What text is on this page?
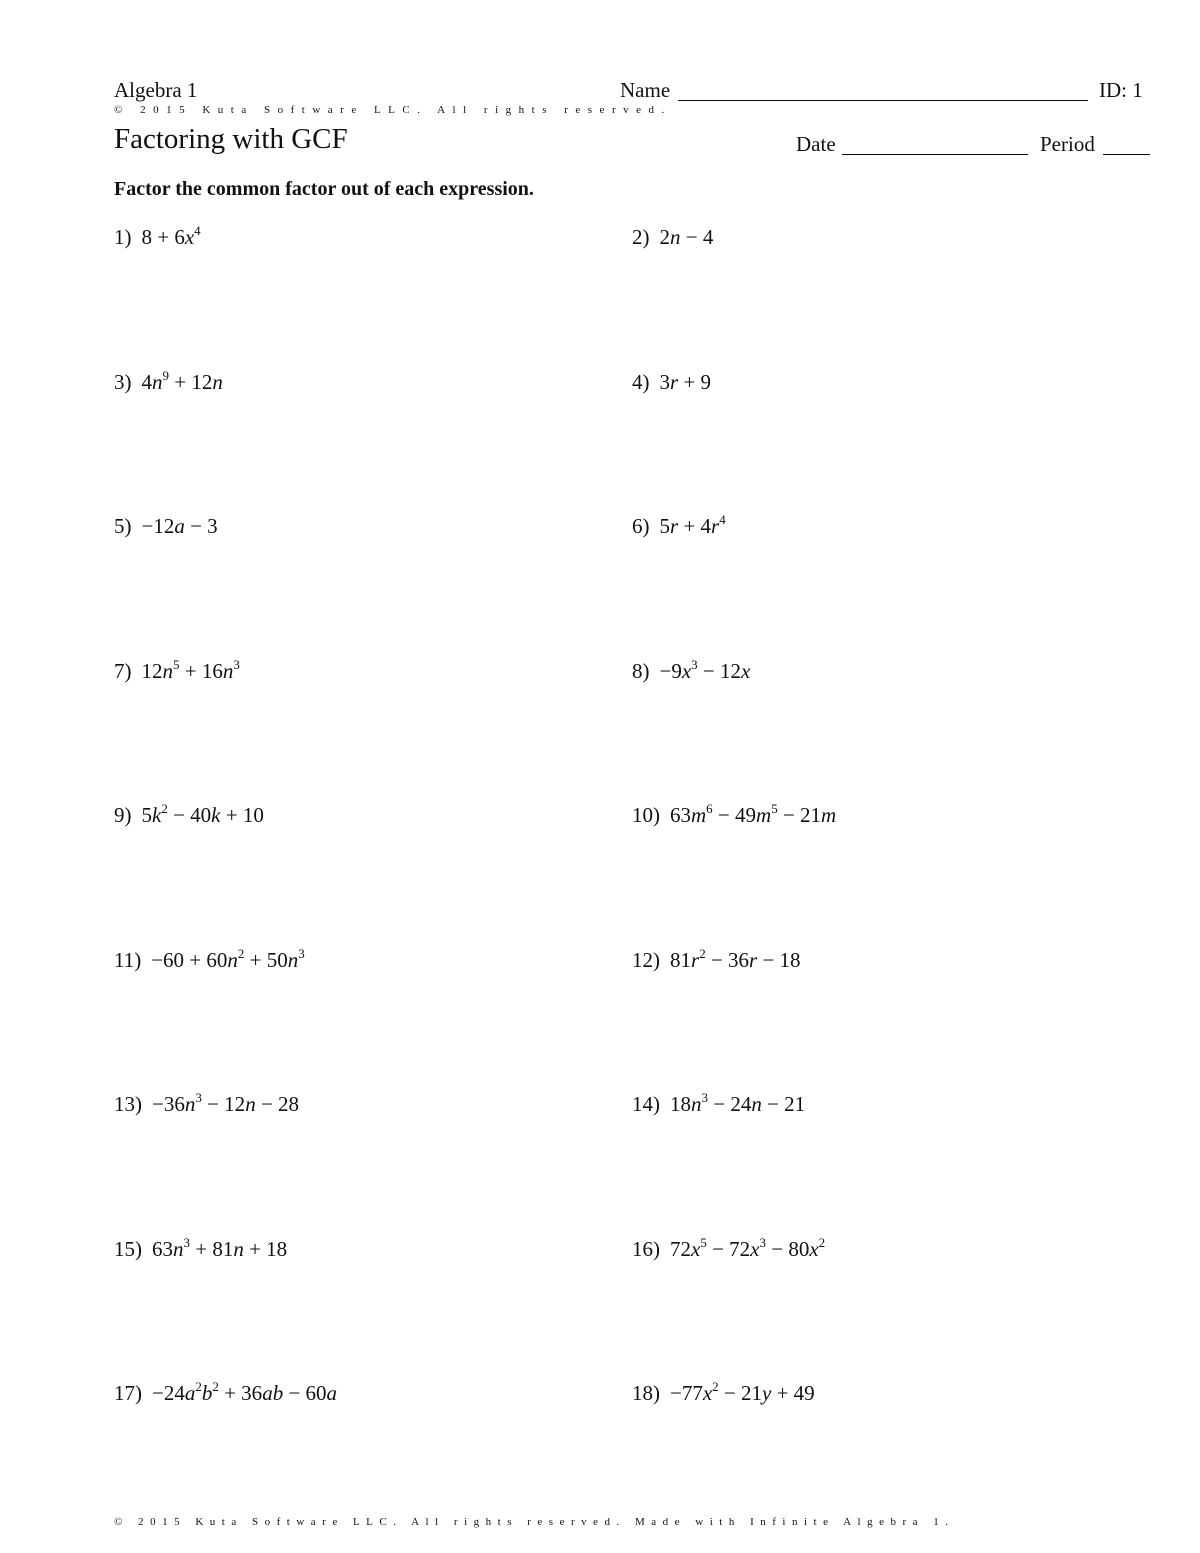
Algebra 1	Name	ID: 1
© 2015 Kuta Software LLC. All rights reserved.
Factoring with GCF	Date	Period
Factor the common factor out of each expression.
1) $8 + 6x^4$	2) 2n − 4
3) $4n^9 + 12n$	4) 3r + 9
5) −12a − 3	6) $5r + 4r^4$
7) $12n^5 + 16n^3$	$8) -9x^3 - 12x$
9) $5k^2 - 40k + 10$	10) $63m^6 - 49m^5 - 21m$
$11) -60 + 60n^2 + 50n^3$	12) $81r^2 - 36r - 18$
$13) -36n^3 - 12n - 28$	14) $18n^3 - 24n - 21$
15) $63n^3 + 81n + 18$	16) $72x^5 - 72x^3 - 80x^2$
$17) -24a^2b^2 + 36ab - 60a$	$18) -77x^2 - 21y + 49$
© 2015 Kuta Software LLC. All rights reserved. Made with Infinite Algebra 1.
